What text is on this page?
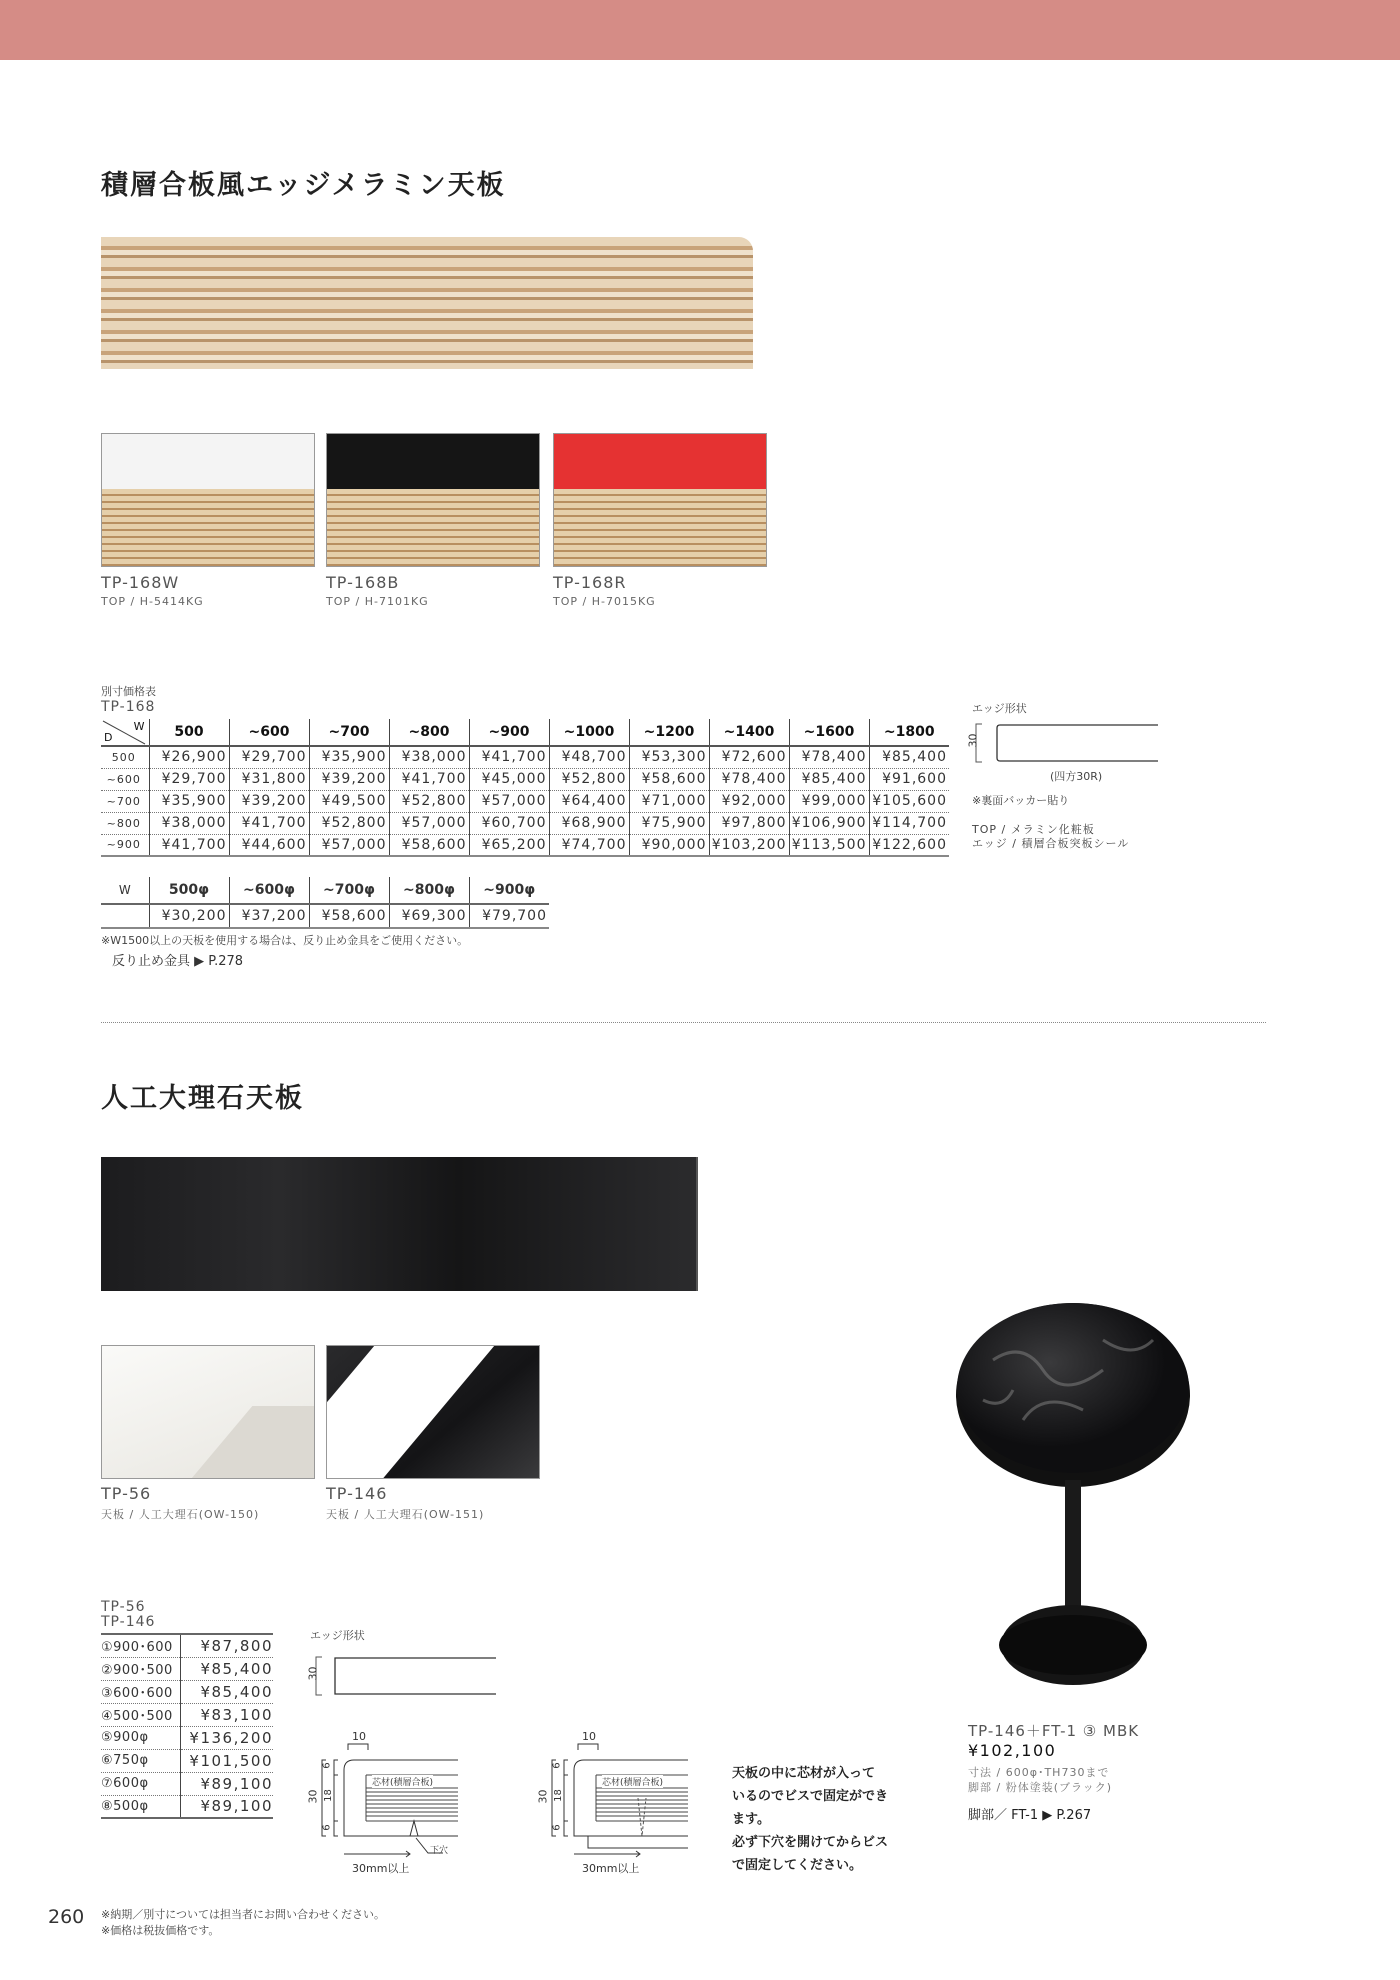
積層合板風エッジメラミン天板
TP-168W
TOP / H-5414KG
TP-168B
TOP / H-7101KG
TP-168R
TOP / H-7015KG
別寸価格表
TP-168
W
D	500	~600	~700	~800	~900	~1000	~1200	~1400	~1600	~1800
500	¥26,900	¥29,700	¥35,900	¥38,000	¥41,700	¥48,700	¥53,300	¥72,600	¥78,400	¥85,400
~600	¥29,700	¥31,800	¥39,200	¥41,700	¥45,000	¥52,800	¥58,600	¥78,400	¥85,400	¥91,600
~700	¥35,900	¥39,200	¥49,500	¥52,800	¥57,000	¥64,400	¥71,000	¥92,000	¥99,000	¥105,600
~800	¥38,000	¥41,700	¥52,800	¥57,000	¥60,700	¥68,900	¥75,900	¥97,800	¥106,900	¥114,700
~900	¥41,700	¥44,600	¥57,000	¥58,600	¥65,200	¥74,700	¥90,000	¥103,200	¥113,500	¥122,600
W	500φ	~600φ	~700φ	~800φ	~900φ
	¥30,200	¥37,200	¥58,600	¥69,300	¥79,700
※W1500以上の天板を使用する場合は、反り止め金具をご使用ください。
反り止め金具 ▶ P.278
エッジ形状
30
(四方30R)
※裏面バッカー貼り
TOP / メラミン化粧板
エッジ / 積層合板突板シール
人工大理石天板
TP-56
天板 / 人工大理石(OW-150)
TP-146
天板 / 人工大理石(OW-151)
TP-56
TP-146
①900･600	¥87,800
②900･500	¥85,400
③600･600	¥85,400
④500･500	¥83,100
⑤900φ	¥136,200
⑥750φ	¥101,500
⑦600φ	¥89,100
⑧500φ	¥89,100
エッジ形状
30
10
30
6
18
6
芯材(積層合板)
下穴
30mm以上
10
30
6
18
6
芯材(積層合板)
30mm以上
天板の中に芯材が入って
いるのでビスで固定ができ
ます。
必ず下穴を開けてからビス
で固定してください。
TP-146＋FT-1 ③ MBK
¥102,100
寸法 / 600φ･TH730まで
脚部 / 粉体塗装(ブラック)
脚部／ FT-1 ▶ P.267
260 ※納期／別寸については担当者にお問い合わせください。
※価格は税抜価格です。
